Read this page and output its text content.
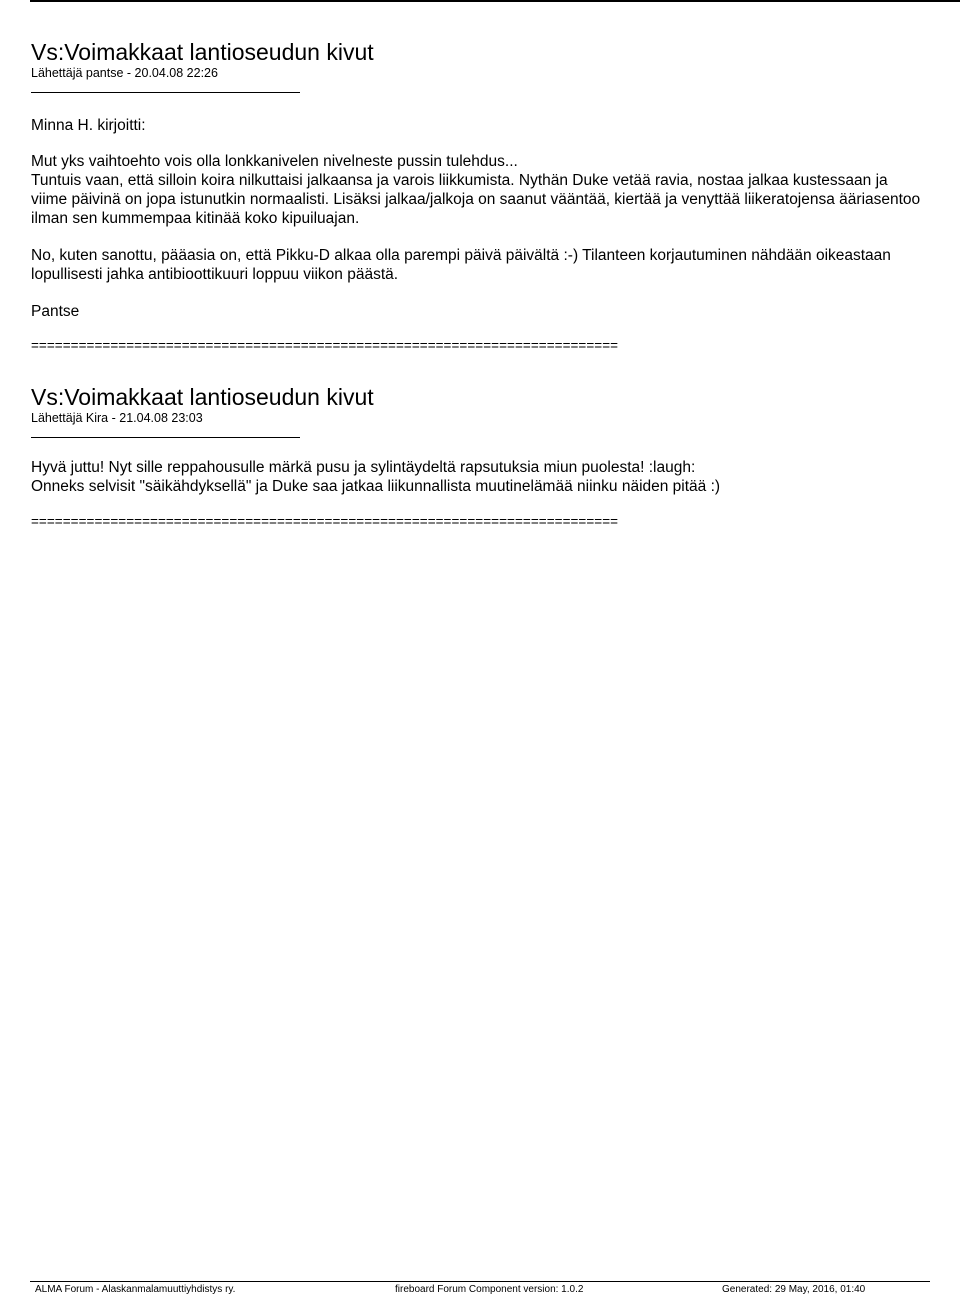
Vs:Voimakkaat lantioseudun kivut

Lähettäjä pantse - 20.04.08 22:26

Minna H. kirjoitti:

Mut yks vaihtoehto vois olla lonkkanivelen nivelneste pussin tulehdus...

Tuntuis vaan, että silloin koira nilkuttaisi jalkaansa ja varois liikkumista. Nythän Duke vetää ravia, nostaa jalkaa kustessaan ja

viime päivinä on jopa istunutkin normaalisti. Lisäksi jalkaa/jalkoja on saanut vääntää, kiertää ja venyttää liikeratojensa ääriasentoo

ilman sen kummempaa kitinää koko kipuiluajan.

No, kuten sanottu, pääasia on, että Pikku-D alkaa olla parempi päivä päivältä :-) Tilanteen korjautuminen nähdään oikeastaan

lopullisesti jahka antibioottikuuri loppuu viikon päästä.

Pantse

==========================================================================

Vs:Voimakkaat lantioseudun kivut

Lähettäjä Kira - 21.04.08 23:03

Hyvä juttu! Nyt sille reppahousulle märkä pusu ja sylintäydeltä rapsutuksia miun puolesta! :laugh:

Onneks selvisit "säikähdyksellä" ja Duke saa jatkaa liikunnallista muutinelämää niinku näiden pitää :)

==========================================================================

ALMA Forum - Alaskanmalamuuttiyhdistys ry.	fireboard Forum Component version: 1.0.2	Generated: 29 May, 2016, 01:40
